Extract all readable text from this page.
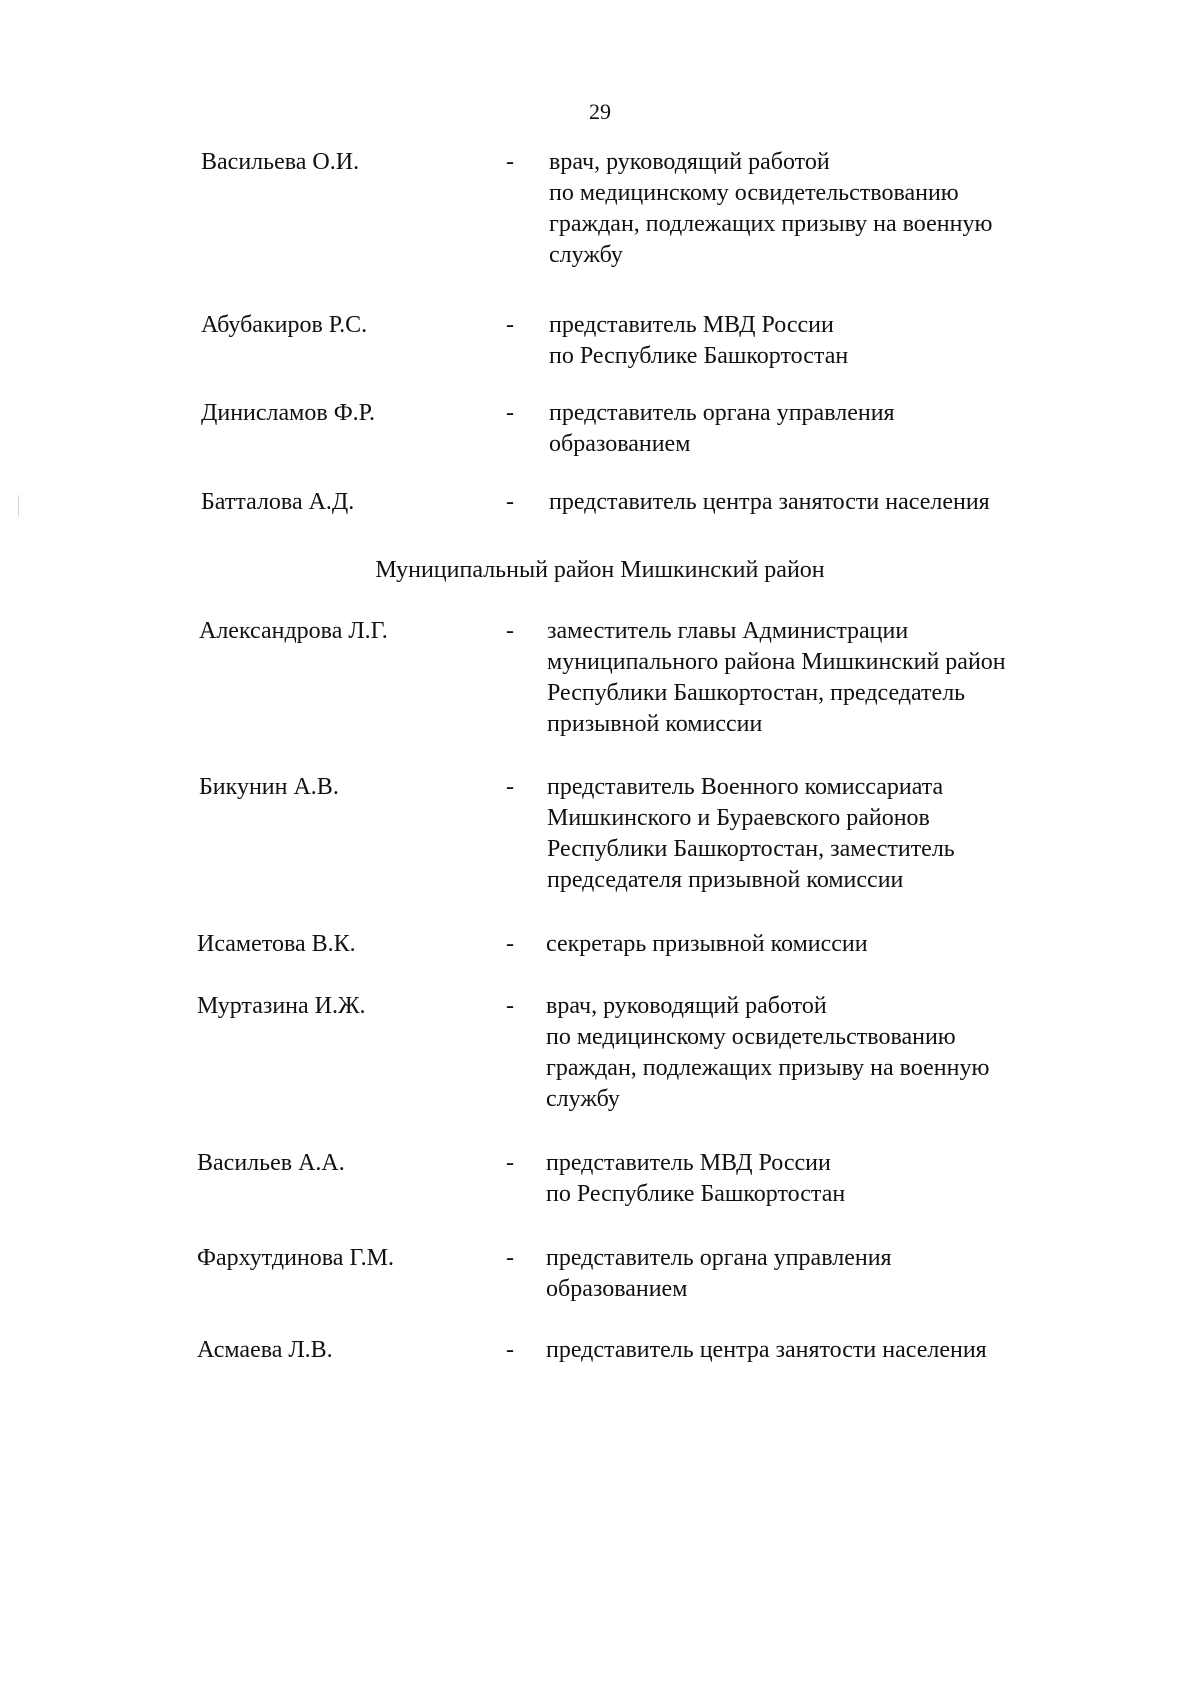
29
Васильева О.И.	- врач, руководящий работой
по медицинскому освидетельствованию
граждан, подлежащих призыву на военную
службу
Абубакиров Р.С.	- представитель МВД России
по Республике Башкортостан
Динисламов Ф.Р.	- представитель органа управления
образованием
Батталова А.Д.	- представитель центра занятости населения
Муниципальный район Мишкинский район
Александрова Л.Г.	- заместитель главы Администрации
муниципального района Мишкинский район
Республики Башкортостан, председатель
призывной комиссии
Бикунин А.В.	- представитель Военного комиссариата
Мишкинского и Бураевского районов
Республики Башкортостан, заместитель
председателя призывной комиссии
Исаметова В.К.	- секретарь призывной комиссии
Муртазина И.Ж.	- врач, руководящий работой
по медицинскому освидетельствованию
граждан, подлежащих призыву на военную
службу
Васильев А.А.	- представитель МВД России
по Республике Башкортостан
Фархутдинова Г.М.	- представитель органа управления
образованием
Асмаева Л.В.	- представитель центра занятости населения
